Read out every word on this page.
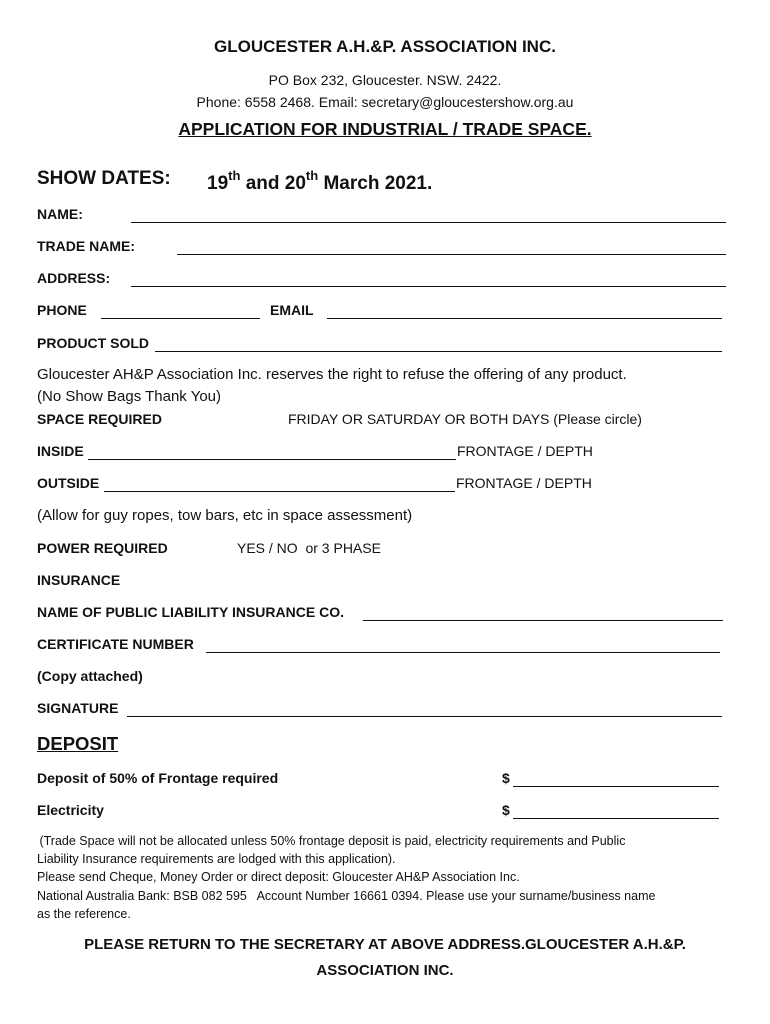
GLOUCESTER A.H.&P. ASSOCIATION INC.
PO Box 232, Gloucester. NSW. 2422.
Phone: 6558 2468. Email: secretary@gloucestershow.org.au
APPLICATION FOR INDUSTRIAL / TRADE SPACE.
SHOW DATES: 19th and 20th March 2021.
NAME:
TRADE NAME:
ADDRESS:
PHONE	EMAIL
PRODUCT SOLD
Gloucester AH&P Association Inc. reserves the right to refuse the offering of any product.
(No Show Bags Thank You)
SPACE REQUIRED	FRIDAY OR SATURDAY OR BOTH DAYS (Please circle)
INSIDE	FRONTAGE / DEPTH
OUTSIDE	FRONTAGE / DEPTH
(Allow for guy ropes, tow bars, etc in space assessment)
POWER REQUIRED	YES / NO  or 3 PHASE
INSURANCE
NAME OF PUBLIC LIABILITY INSURANCE CO.
CERTIFICATE NUMBER
(Copy attached)
SIGNATURE
DEPOSIT
Deposit of 50% of Frontage required	$
Electricity	$
(Trade Space will not be allocated unless 50% frontage deposit is paid, electricity requirements and Public
Liability Insurance requirements are lodged with this application).
Please send Cheque, Money Order or direct deposit: Gloucester AH&P Association Inc.
National Australia Bank: BSB 082 595   Account Number 16661 0394. Please use your surname/business name
as the reference.
PLEASE RETURN TO THE SECRETARY AT ABOVE ADDRESS.GLOUCESTER A.H.&P.
ASSOCIATION INC.
